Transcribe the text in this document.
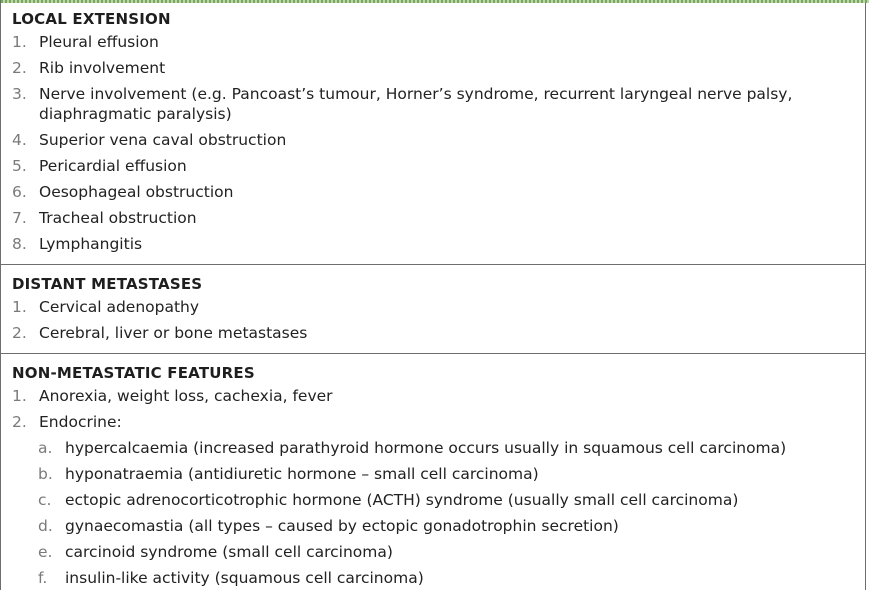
LOCAL EXTENSION
1. Pleural effusion
2. Rib involvement
3. Nerve involvement (e.g. Pancoast’s tumour, Horner’s syndrome, recurrent laryngeal nerve palsy, diaphragmatic paralysis)
4. Superior vena caval obstruction
5. Pericardial effusion
6. Oesophageal obstruction
7. Tracheal obstruction
8. Lymphangitis
DISTANT METASTASES
1. Cervical adenopathy
2. Cerebral, liver or bone metastases
NON-METASTATIC FEATURES
1. Anorexia, weight loss, cachexia, fever
2. Endocrine:
a. hypercalcaemia (increased parathyroid hormone occurs usually in squamous cell carcinoma)
b. hyponatraemia (antidiuretic hormone – small cell carcinoma)
c. ectopic adrenocorticotrophic hormone (ACTH) syndrome (usually small cell carcinoma)
d. gynaecomastia (all types – caused by ectopic gonadotrophin secretion)
e. carcinoid syndrome (small cell carcinoma)
f.	insulin-like activity (squamous cell carcinoma)
